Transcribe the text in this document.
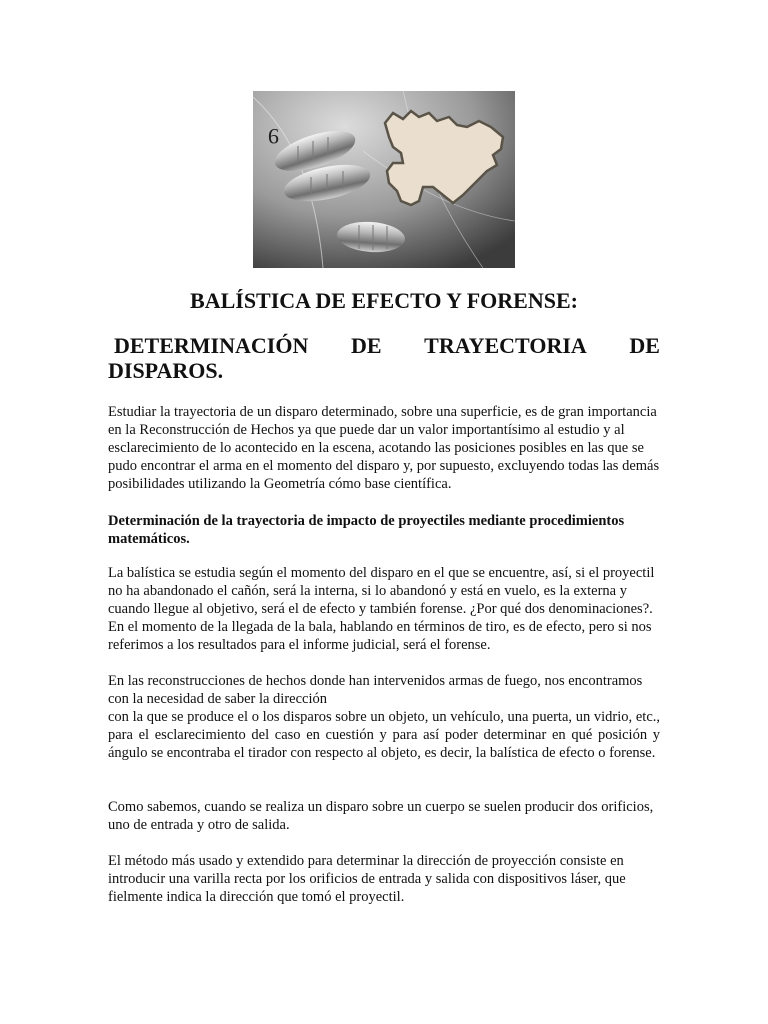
9
BALÍSTICA DE EFECTO Y FORENSE:
DETERMINACIÓN DE TRAYECTORIA DE
DISPAROS.

Estudiar la trayectoria de un disparo determinado, sobre una superficie, es de gran importancia en la Reconstrucción de Hechos ya que puede dar un valor importantísimo al estudio y al esclarecimiento de lo acontecido en la escena, acotando las posiciones posibles en las que se pudo encontrar el arma en el momento del disparo y, por supuesto, excluyendo todas las demás posibilidades utilizando la Geometría cómo base científica.

Determinación de la trayectoria de impacto de proyectiles mediante procedimientos matemáticos.

La balística se estudia según el momento del disparo en el que se encuentre, así, si el proyectil no ha abandonado el cañón, será la interna, si lo abandonó y está en vuelo, es la externa y cuando llegue al objetivo, será el de efecto y también forense. ¿Por qué dos denominaciones?. En el momento de la llegada de la bala, hablando en términos de tiro, es de efecto, pero si nos referimos a los resultados para el informe judicial, será el forense.

En las reconstrucciones de hechos donde han intervenidos armas de fuego, nos encontramos con la necesidad de saber la dirección

con la que se produce el o los disparos sobre un objeto, un vehículo, una puerta, un vidrio, etc., para el esclarecimiento del caso en cuestión y para así poder determinar en qué posición y ángulo se encontraba el tirador con respecto al objeto, es decir, la balística de efecto o forense.

Como sabemos, cuando se realiza un disparo sobre un cuerpo se suelen producir dos orificios, uno de entrada y otro de salida.

El método más usado y extendido para determinar la dirección de proyección consiste en introducir una varilla recta por los orificios de entrada y salida con dispositivos láser, que fielmente indica la dirección que tomó el proyectil.
